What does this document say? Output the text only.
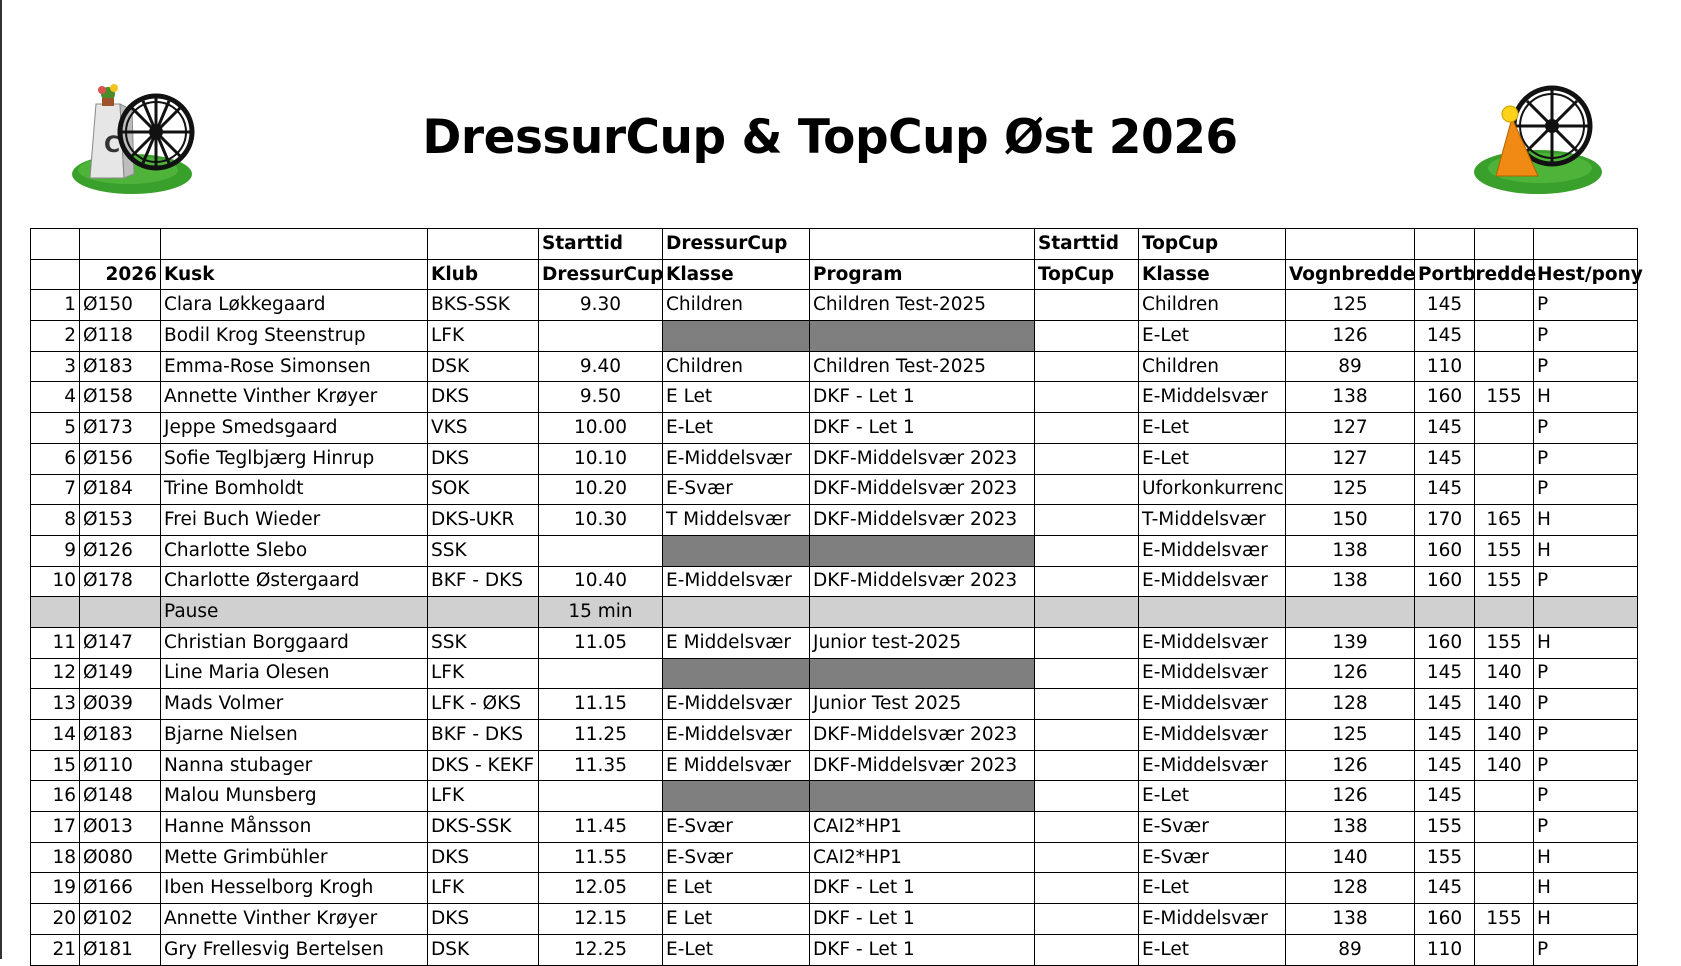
C	DressurCup & TopCup Øst 2026
				Starttid	DressurCup		Starttid	TopCup				
	2026	Kusk	Klub	DressurCup	Klasse	Program	TopCup	Klasse	Vognbredde	Portbredde		Hest/pony
1	Ø150	Clara Løkkegaard	BKS-SSK	9.30	Children	Children Test-2025		Children	125	145		P
2	Ø118	Bodil Krog Steenstrup	LFK					E-Let	126	145		P
3	Ø183	Emma-Rose Simonsen	DSK	9.40	Children	Children Test-2025		Children	89	110		P
4	Ø158	Annette Vinther Krøyer	DKS	9.50	E Let	DKF - Let 1		E-Middelsvær	138	160	155	H
5	Ø173	Jeppe Smedsgaard	VKS	10.00	E-Let	DKF - Let 1		E-Let	127	145		P
6	Ø156	Sofie Teglbjærg Hinrup	DKS	10.10	E-Middelsvær	DKF-Middelsvær 2023		E-Let	127	145		P
7	Ø184	Trine Bomholdt	SOK	10.20	E-Svær	DKF-Middelsvær 2023		Uforkonkurrenc	125	145		P
8	Ø153	Frei Buch Wieder	DKS-UKR	10.30	T Middelsvær	DKF-Middelsvær 2023		T-Middelsvær	150	170	165	H
9	Ø126	Charlotte Slebo	SSK					E-Middelsvær	138	160	155	H
10	Ø178	Charlotte Østergaard	BKF - DKS	10.40	E-Middelsvær	DKF-Middelsvær 2023		E-Middelsvær	138	160	155	P
		Pause		15 min								
11	Ø147	Christian Borggaard	SSK	11.05	E Middelsvær	Junior test-2025		E-Middelsvær	139	160	155	H
12	Ø149	Line Maria Olesen	LFK					E-Middelsvær	126	145	140	P
13	Ø039	Mads Volmer	LFK - ØKS	11.15	E-Middelsvær	Junior Test 2025		E-Middelsvær	128	145	140	P
14	Ø183	Bjarne Nielsen	BKF - DKS	11.25	E-Middelsvær	DKF-Middelsvær 2023		E-Middelsvær	125	145	140	P
15	Ø110	Nanna stubager	DKS - KEKF	11.35	E Middelsvær	DKF-Middelsvær 2023		E-Middelsvær	126	145	140	P
16	Ø148	Malou Munsberg	LFK					E-Let	126	145		P
17	Ø013	Hanne Månsson	DKS-SSK	11.45	E-Svær	CAI2*HP1		E-Svær	138	155		P
18	Ø080	Mette Grimbühler	DKS	11.55	E-Svær	CAI2*HP1		E-Svær	140	155		H
19	Ø166	Iben Hesselborg Krogh	LFK	12.05	E Let	DKF - Let 1		E-Let	128	145		H
20	Ø102	Annette Vinther Krøyer	DKS	12.15	E Let	DKF - Let 1		E-Middelsvær	138	160	155	H
21	Ø181	Gry Frellesvig Bertelsen	DSK	12.25	E-Let	DKF - Let 1		E-Let	89	110		P
